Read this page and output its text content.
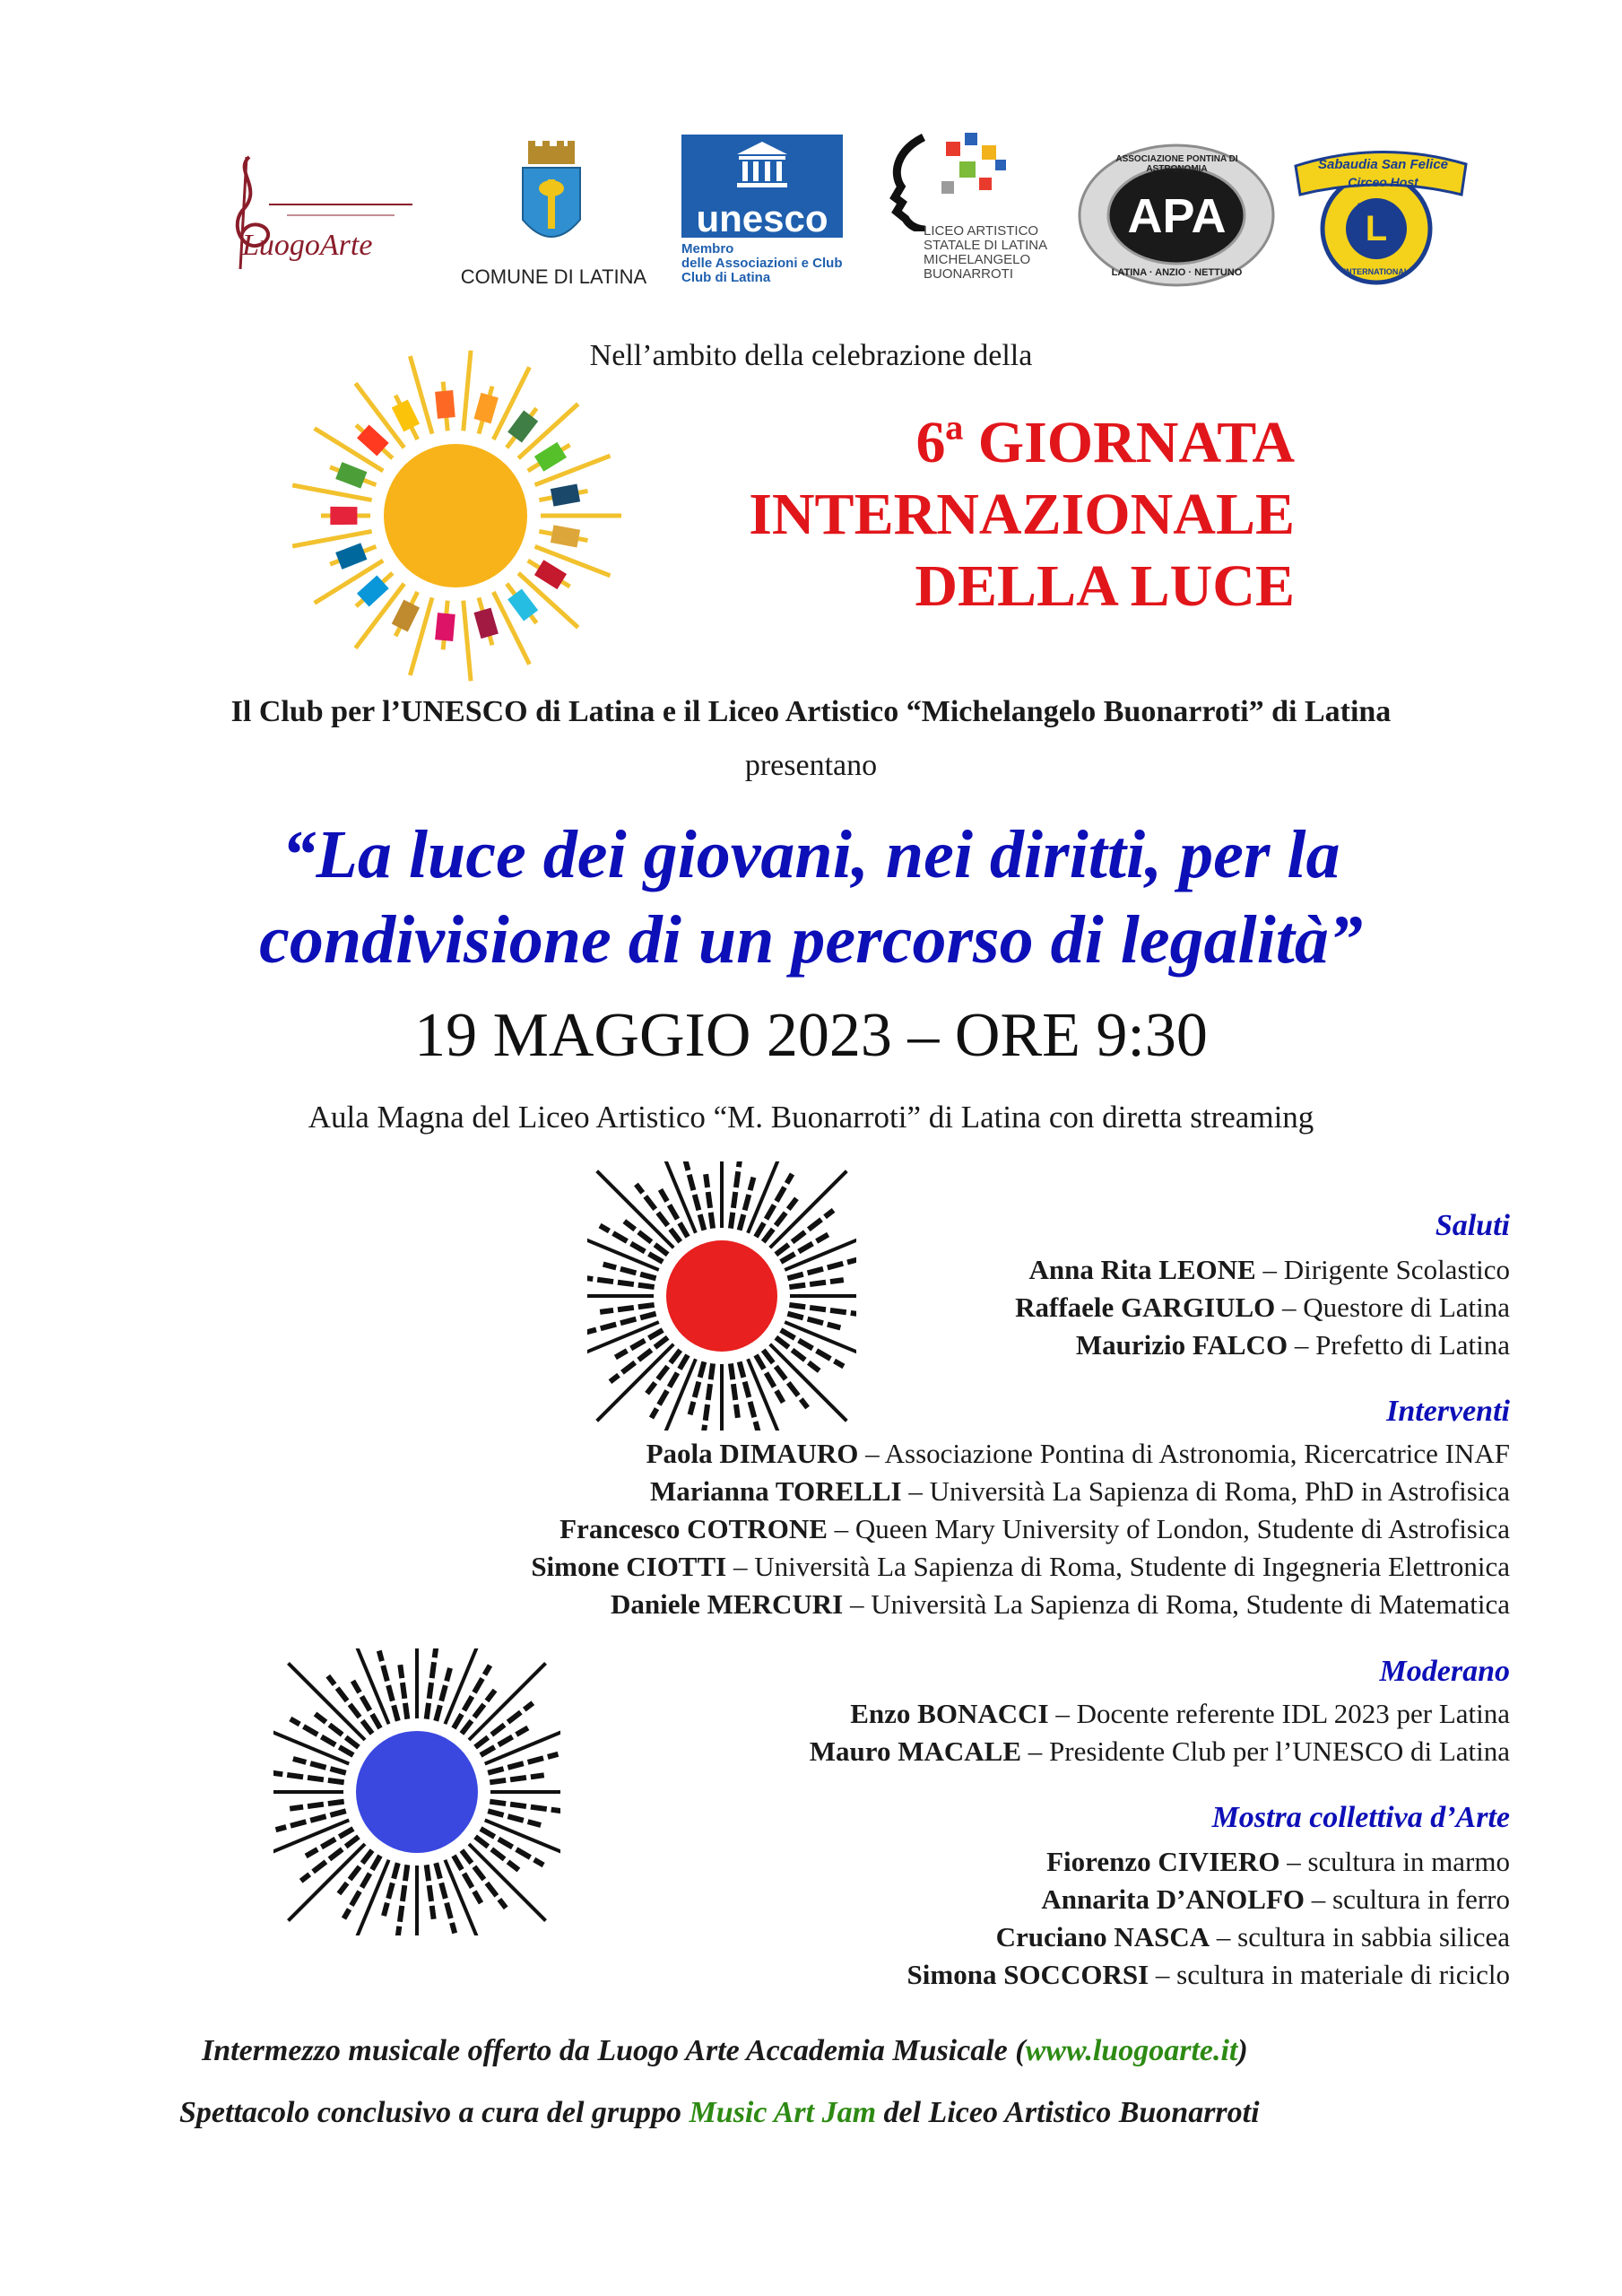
LuogoArte
COMUNE DI LATINA
unesco
Membro
delle Associazioni e Club
Club di Latina
LICEO ARTISTICO
STATALE DI LATINA
MICHELANGELO
BUONARROTI
APA
ASSOCIAZIONE PONTINA DI ASTRONOMIA
LATINA · ANZIO · NETTUNO
L
Sabaudia San Felice
Circeo Host
LIONS
INTERNATIONAL
Nell’ambito della celebrazione della
6ª GIORNATA
INTERNAZIONALE
DELLA LUCE
Il Club per l’UNESCO di Latina e il Liceo Artistico “Michelangelo Buonarroti” di Latina
presentano
“La luce dei giovani, nei diritti, per la
condivisione di un percorso di legalità”
19 MAGGIO 2023 – ORE 9:30
Aula Magna del Liceo Artistico “M. Buonarroti” di Latina con diretta streaming
Saluti
Anna Rita LEONE – Dirigente Scolastico
Raffaele GARGIULO – Questore di Latina
Maurizio FALCO – Prefetto di Latina
Interventi
Paola DIMAURO – Associazione Pontina di Astronomia, Ricercatrice INAF
Marianna TORELLI – Università La Sapienza di Roma, PhD in Astrofisica
Francesco COTRONE – Queen Mary University of London, Studente di Astrofisica
Simone CIOTTI – Università La Sapienza di Roma, Studente di Ingegneria Elettronica
Daniele MERCURI – Università La Sapienza di Roma, Studente di Matematica
Moderano
Enzo BONACCI – Docente referente IDL 2023 per Latina
Mauro MACALE – Presidente Club per l’UNESCO di Latina
Mostra collettiva d’Arte
Fiorenzo CIVIERO – scultura in marmo
Annarita D’ANOLFO – scultura in ferro
Cruciano NASCA – scultura in sabbia silicea
Simona SOCCORSI – scultura in materiale di riciclo
Intermezzo musicale offerto da Luogo Arte Accademia Musicale (www.luogoarte.it)
Spettacolo conclusivo a cura del gruppo Music Art Jam del Liceo Artistico Buonarroti
